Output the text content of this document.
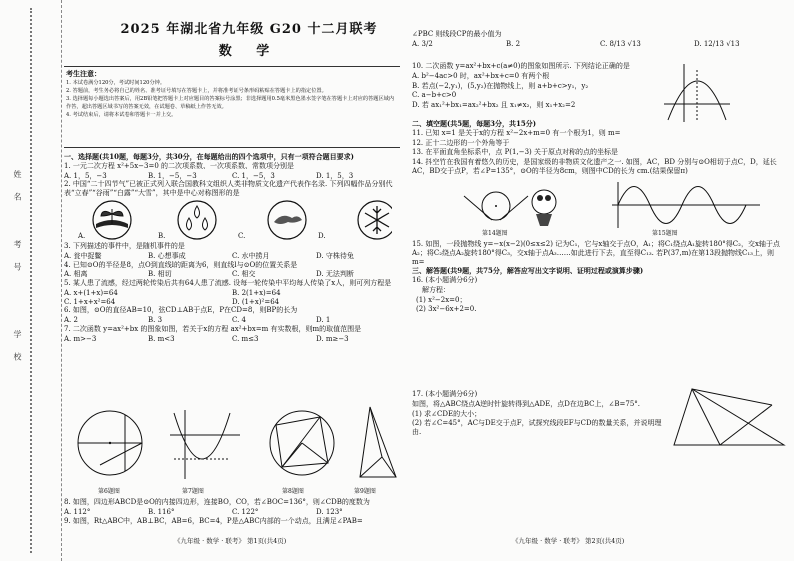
姓 名
考 号
学 校
2025 年湖北省九年级 G20 十二月联考
数 学
考生注意：

1. 本试卷满分120分，考试时间120分钟。

2. 答题前，考生务必将自己的姓名、准考证号填写在答题卡上，并将准考证号条形码粘贴在答题卡上的指定位置。

3. 选择题每小题选出答案后，用2B铅笔把答题卡上对应题目的答案标号涂黑；非选择题用0.5毫米黑色墨水签字笔在答题卡上对应的答题区域内作答，超出答题区域书写的答案无效，在试题卷、草稿纸上作答无效。

4. 考试结束后，请将本试卷和答题卡一并上交。

一、选择题(共10题，每题3分，共30分，在每题给出的四个选项中，只有一项符合题目要求)
1. 一元二次方程 x²+5x−3=0 的二次项系数、一次项系数、常数项分别是
A. 1，5，−3	B. 1，−5，−3	C. 1，−5，3	D. 1，5，3
2. 中国“二十四节气”已被正式列入联合国教科文组织人类非物质文化遗产代表作名录. 下列四幅作品分别代表“立春”“谷雨”“白露”“大雪”，其中是中心对称图形的是
A.	B.	C.	D.
3. 下列描述的事件中，是随机事件的是
A. 瓮中捉鳖	B. 心想事成	C. 水中捞月	D. 守株待兔
4. 已知⊙O的半径是8，点O到直线l的距离为6，则直线l与⊙O的位置关系是
A. 相离	B. 相切	C. 相交	D. 无法判断
5. 某人患了流感，经过两轮传染后共有64人患了流感. 设每一轮传染中平均每人传染了x人，则可列方程是
A. x+(1+x)=64	B. 2(1+x)=64
C. 1+x+x²=64	D. (1+x)²=64
6. 如图，⊙O的直径AB=10，弦CD⊥AB于点E，P在CD=8，则BP的长为
A. 2	B. 3	C. 4	D. 1
7. 二次函数 y=ax²+bx 的图象如图，若关于x的方程 ax²+bx=m 有实数根，则m的取值范围是
A. m>−3	B. m<3	C. m≤3	D. m≥−3
第6题图	第7题图	第8题图	第9题图
8. 如图，四边形ABCD是⊙O的内接四边形，连接BO，CO，若∠BOC=136°，则∠CDB的度数为
A. 112°	B. 116°	C. 122°	D. 123°
9. 如图，Rt△ABC中，AB⊥BC，AB=6，BC=4，P是△ABC内部的一个动点，且满足∠PAB=
《九年级 · 数学 · 联考》 第1页(共4页)
∠PBC 则线段CP的最小值为
A. 3/2	B. 2	C. 8/13 √13	D. 12/13 √13
10. 二次函数 y=ax²+bx+c(a≠0)的图象如图所示. 下列结论正确的是
A. b²−4ac>0 时，ax²+bx+c=0 有两个根
B. 若点(−2,y₁)，(5,y₂)在抛物线上，则 a+b+c>y₁，y₂
C. a−b+c>0
D. 若 ax₁²+bx₁=ax₂²+bx₂ 且 x₁≠x₂，则 x₁+x₂=2
二、填空题(共5题，每题3分，共15分)
11. 已知 x=1 是关于x的方程 x²−2x+m=0 有一个根为1，则 m=
12. 正十二边形的一个外角等于
13. 在平面直角坐标系中，点 P(1,−3) 关于原点对称的点的坐标是
14. 抖空竹在我国有着悠久的历史，是国家级的非物质文化遗产之一. 如图，AC，BD 分别与⊙O相切于点C，D，延长AC，BD交于点P，若∠P=135°，⊙O的半径为8cm，则图中CD的长为 cm.(结果保留π)
第14题图	第15题图
15. 如图，一段抛物线 y=−x(x−2)(0≤x≤2) 记为C₁，它与x轴交于点O，A₁；将C₁绕点A₁旋转180°得C₂，交x轴于点A₂；将C₂绕点A₂旋转180°得C₃，交x轴于点A₃……如此进行下去，直至得C₁₃. 若P(37,m)在第13段抛物线C₁₃上，则 m=
三、解答题(共9题，共75分，解答应写出文字说明、证明过程或演算步骤)
16. (本小题满分6分)
解方程：
(1) x²−2x=0；
(2) 3x²−6x+2=0.
17. (本小题满分6分)
如图，将△ABC绕点A逆时针旋转得到△ADE，点D在边BC上，∠B=75°.
(1) 求∠CDE的大小；
(2) 若∠C=45°，AC与DE交于点F，试探究线段EF与CD的数量关系，并说明理由.
《九年级 · 数学 · 联考》 第2页(共4页)
